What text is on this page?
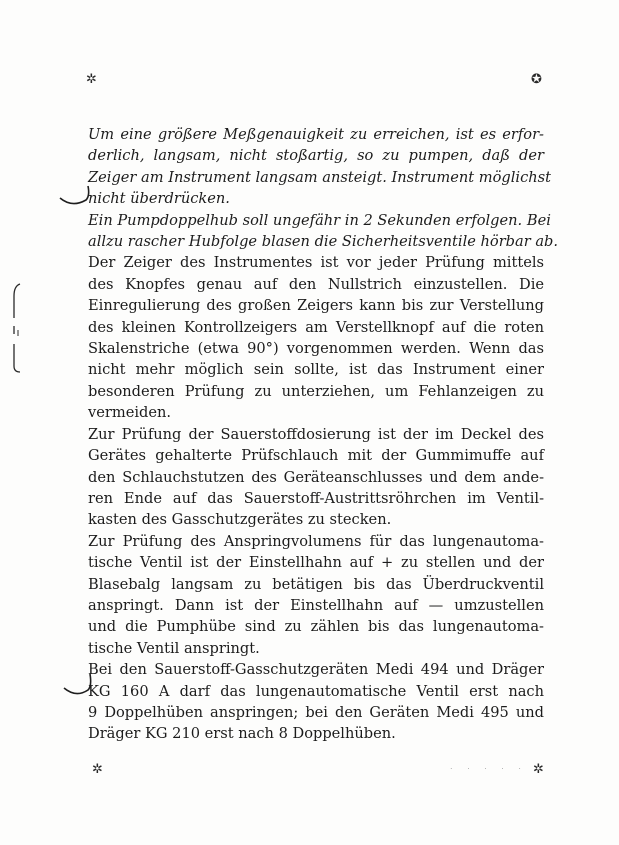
✲	✪
Um eine größere Meßgenauigkeit zu erreichen, ist es erfor-
derlich, langsam, nicht stoßartig, so zu pumpen, daß der
Zeiger am Instrument langsam ansteigt. Instrument möglichst
nicht überdrücken.
Ein Pumpdoppelhub soll ungefähr in 2 Sekunden erfolgen. Bei
allzu rascher Hubfolge blasen die Sicherheitsventile hörbar ab.
Der Zeiger des Instrumentes ist vor jeder Prüfung mittels
des Knopfes genau auf den Nullstrich einzustellen. Die
Einregulierung des großen Zeigers kann bis zur Verstellung
des kleinen Kontrollzeigers am Verstellknopf auf die roten
Skalenstriche (etwa 90°) vorgenommen werden. Wenn das
nicht mehr möglich sein sollte, ist das Instrument einer
besonderen Prüfung zu unterziehen, um Fehlanzeigen zu
vermeiden.
Zur Prüfung der Sauerstoffdosierung ist der im Deckel des
Gerätes gehalterte Prüfschlauch mit der Gummimuffe auf
den Schlauchstutzen des Geräteanschlusses und dem ande-
ren Ende auf das Sauerstoff-Austrittsröhrchen im Ventil-
kasten des Gasschutzgerätes zu stecken.
Zur Prüfung des Anspringvolumens für das lungenautoma-
tische Ventil ist der Einstellhahn auf + zu stellen und der
Blasebalg langsam zu betätigen bis das Überdruckventil
anspringt. Dann ist der Einstellhahn auf — umzustellen
und die Pumphübe sind zu zählen bis das lungenautoma-
tische Ventil anspringt.
Bei den Sauerstoff-Gasschutzgeräten Medi 494 und Dräger
KG 160 A darf das lungenautomatische Ventil erst nach
9 Doppelhüben anspringen; bei den Geräten Medi 495 und
Dräger KG 210 erst nach 8 Doppelhüben.
✲	. . . . . ✲
